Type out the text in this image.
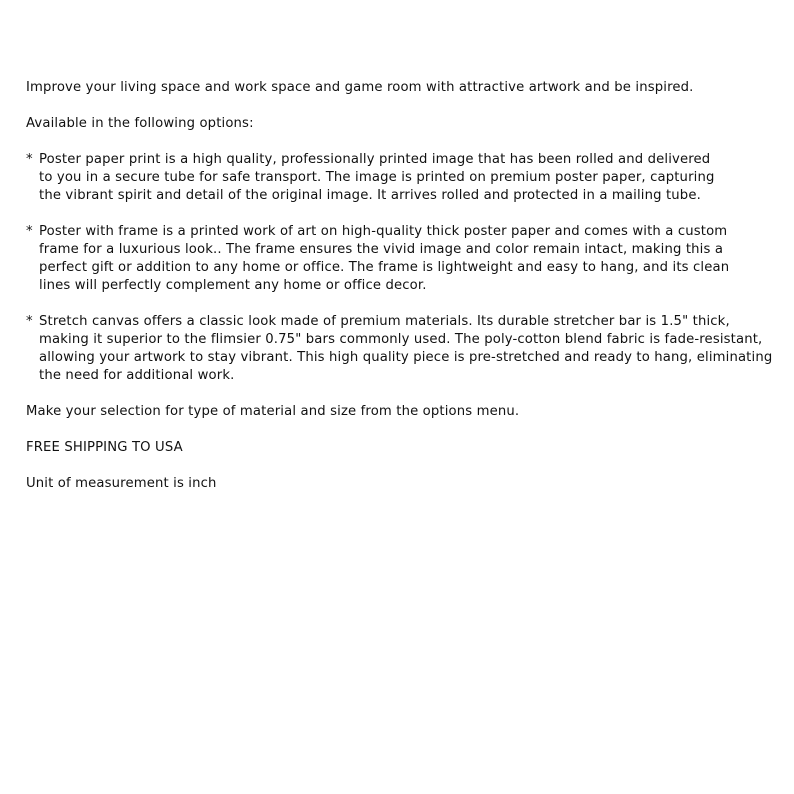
Improve your living space and work space and game room with attractive artwork and be inspired.

Available in the following options:

* Poster paper print is a high quality, professionally printed image that has been rolled and delivered
to you in a secure tube for safe transport. The image is printed on premium poster paper, capturing
the vibrant spirit and detail of the original image. It arrives rolled and protected in a mailing tube.
* Poster with frame is a printed work of art on high-quality thick poster paper and comes with a custom
frame for a luxurious look.. The frame ensures the vivid image and color remain intact, making this a
perfect gift or addition to any home or office. The frame is lightweight and easy to hang, and its clean
lines will perfectly complement any home or office decor.
* Stretch canvas offers a classic look made of premium materials. Its durable stretcher bar is 1.5" thick,
making it superior to the flimsier 0.75" bars commonly used. The poly-cotton blend fabric is fade-resistant,
allowing your artwork to stay vibrant. This high quality piece is pre-stretched and ready to hang, eliminating
the need for additional work.

Make your selection for type of material and size from the options menu.

FREE SHIPPING TO USA

Unit of measurement is inch
